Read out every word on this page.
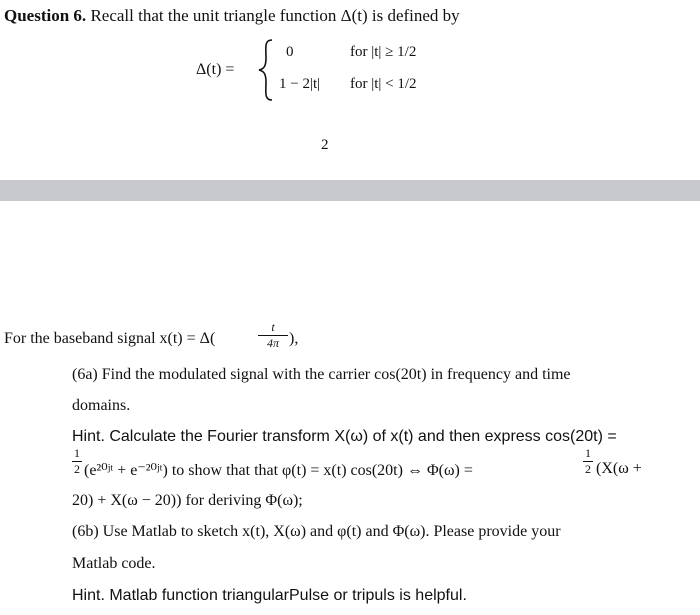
Question 6. Recall that the unit triangle function Δ(t) is defined by
Δ(t) =
0	for |t| ≥ 1/2
1 − 2|t| for |t| < 1/2
2
For the baseband signal x(t) = Δ(	$\frac{t}{4\pi}$ ),
(6a) Find the modulated signal with the carrier cos(20t) in frequency and time
domains.
Hint. Calculate the Fourier transform X(ω) of x(t) and then express cos(20t) =
$\frac{1}{2}$ (e²⁰ʲᵗ + e⁻²⁰ʲᵗ) to show that that φ(t) = x(t) cos(20t) ⇔ Φ(ω) =	$\frac{1}{2} (X(\omega$ +
20) + X(ω − 20)) for deriving Φ(ω);
(6b) Use Matlab to sketch x(t), X(ω) and φ(t) and Φ(ω). Please provide your
Matlab code.
Hint. Matlab function triangularPulse or tripuls is helpful.
